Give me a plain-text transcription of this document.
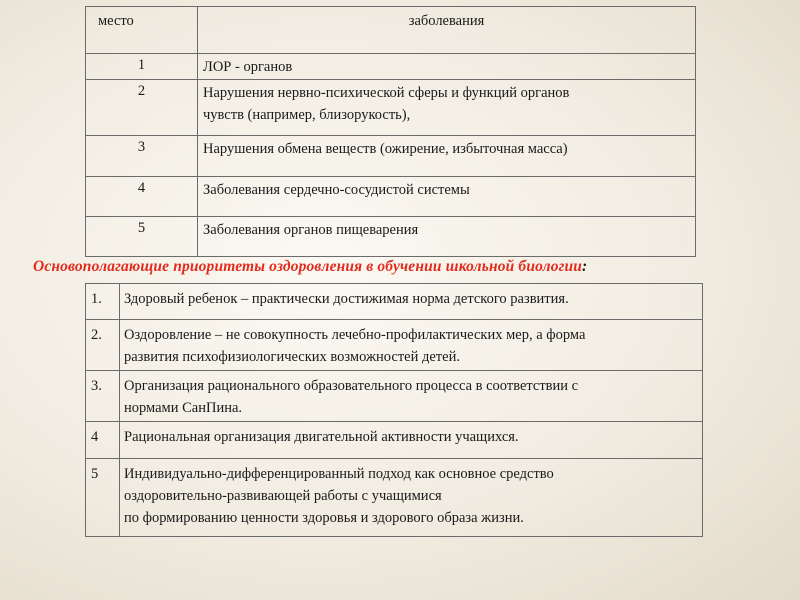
место	заболевания
1	ЛОР - органов

2	Нарушения нервно-психической сферы и функций органов
чувств (например, близорукость),

3	Нарушения обмена веществ (ожирение, избыточная масса)

4	Заболевания сердечно-сосудистой системы

5	Заболевания органов пищеварения

Основополагающие приоритеты оздоровления в обучении школьной биологии:

1.	Здоровый ребенок – практически достижимая норма детского развития.

2.	Оздоровление – не совокупность лечебно-профилактических мер, а форма
развития психофизиологических возможностей детей.

3.	Организация рационального образовательного процесса в соответствии с
нормами СанПина.

4	Рациональная организация двигательной активности учащихся.

5	Индивидуально-дифференцированный подход как основное средство
оздоровительно-развивающей работы с учащимися
по формированию ценности здоровья и здорового образа жизни.
